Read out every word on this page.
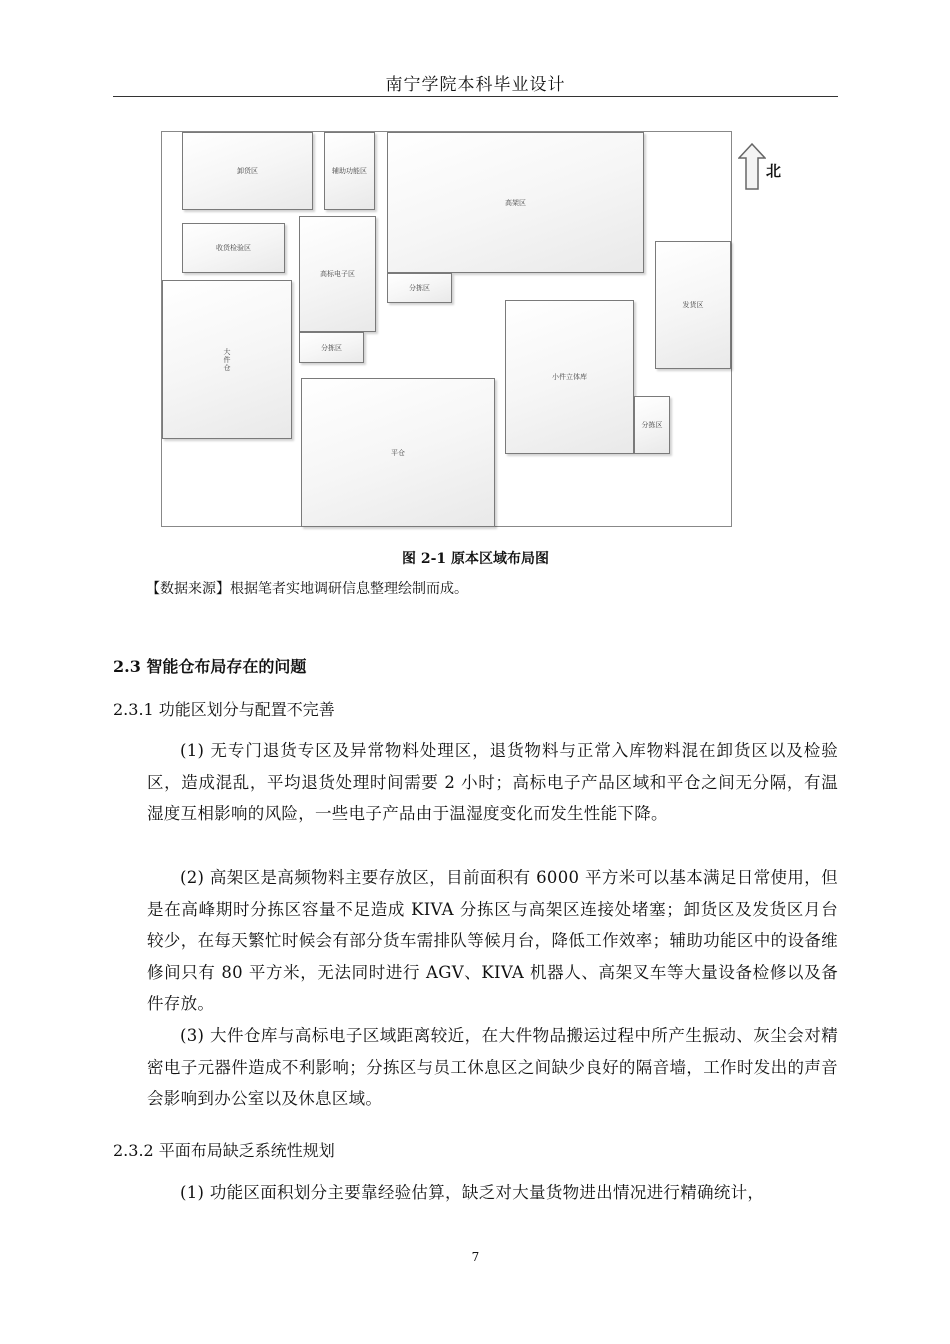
南宁学院本科毕业设计
卸货区	辅助功能区
高架区
收货检验区
高标电子区
分拣区
大件仓	分拣区
发货区
小件立体库
分拣区
平仓
北
图 2-1 原本区域布局图
【数据来源】根据笔者实地调研信息整理绘制而成。
2.3 智能仓布局存在的问题
2.3.1 功能区划分与配置不完善
(1) 无专门退货专区及异常物料处理区，退货物料与正常入库物料混在卸货区以及检验区，造成混乱，平均退货处理时间需要 2 小时；高标电子产品区域和平仓之间无分隔，有温湿度互相影响的风险，一些电子产品由于温湿度变化而发生性能下降。
(2) 高架区是高频物料主要存放区，目前面积有 6000 平方米可以基本满足日常使用，但是在高峰期时分拣区容量不足造成 KIVA 分拣区与高架区连接处堵塞；卸货区及发货区月台较少，在每天繁忙时候会有部分货车需排队等候月台，降低工作效率；辅助功能区中的设备维修间只有 80 平方米，无法同时进行 AGV、KIVA 机器人、高架叉车等大量设备检修以及备件存放。
(3) 大件仓库与高标电子区域距离较近，在大件物品搬运过程中所产生振动、灰尘会对精密电子元器件造成不利影响；分拣区与员工休息区之间缺少良好的隔音墙，工作时发出的声音会影响到办公室以及休息区域。
2.3.2 平面布局缺乏系统性规划
(1) 功能区面积划分主要靠经验估算，缺乏对大量货物进出情况进行精确统计，
7
